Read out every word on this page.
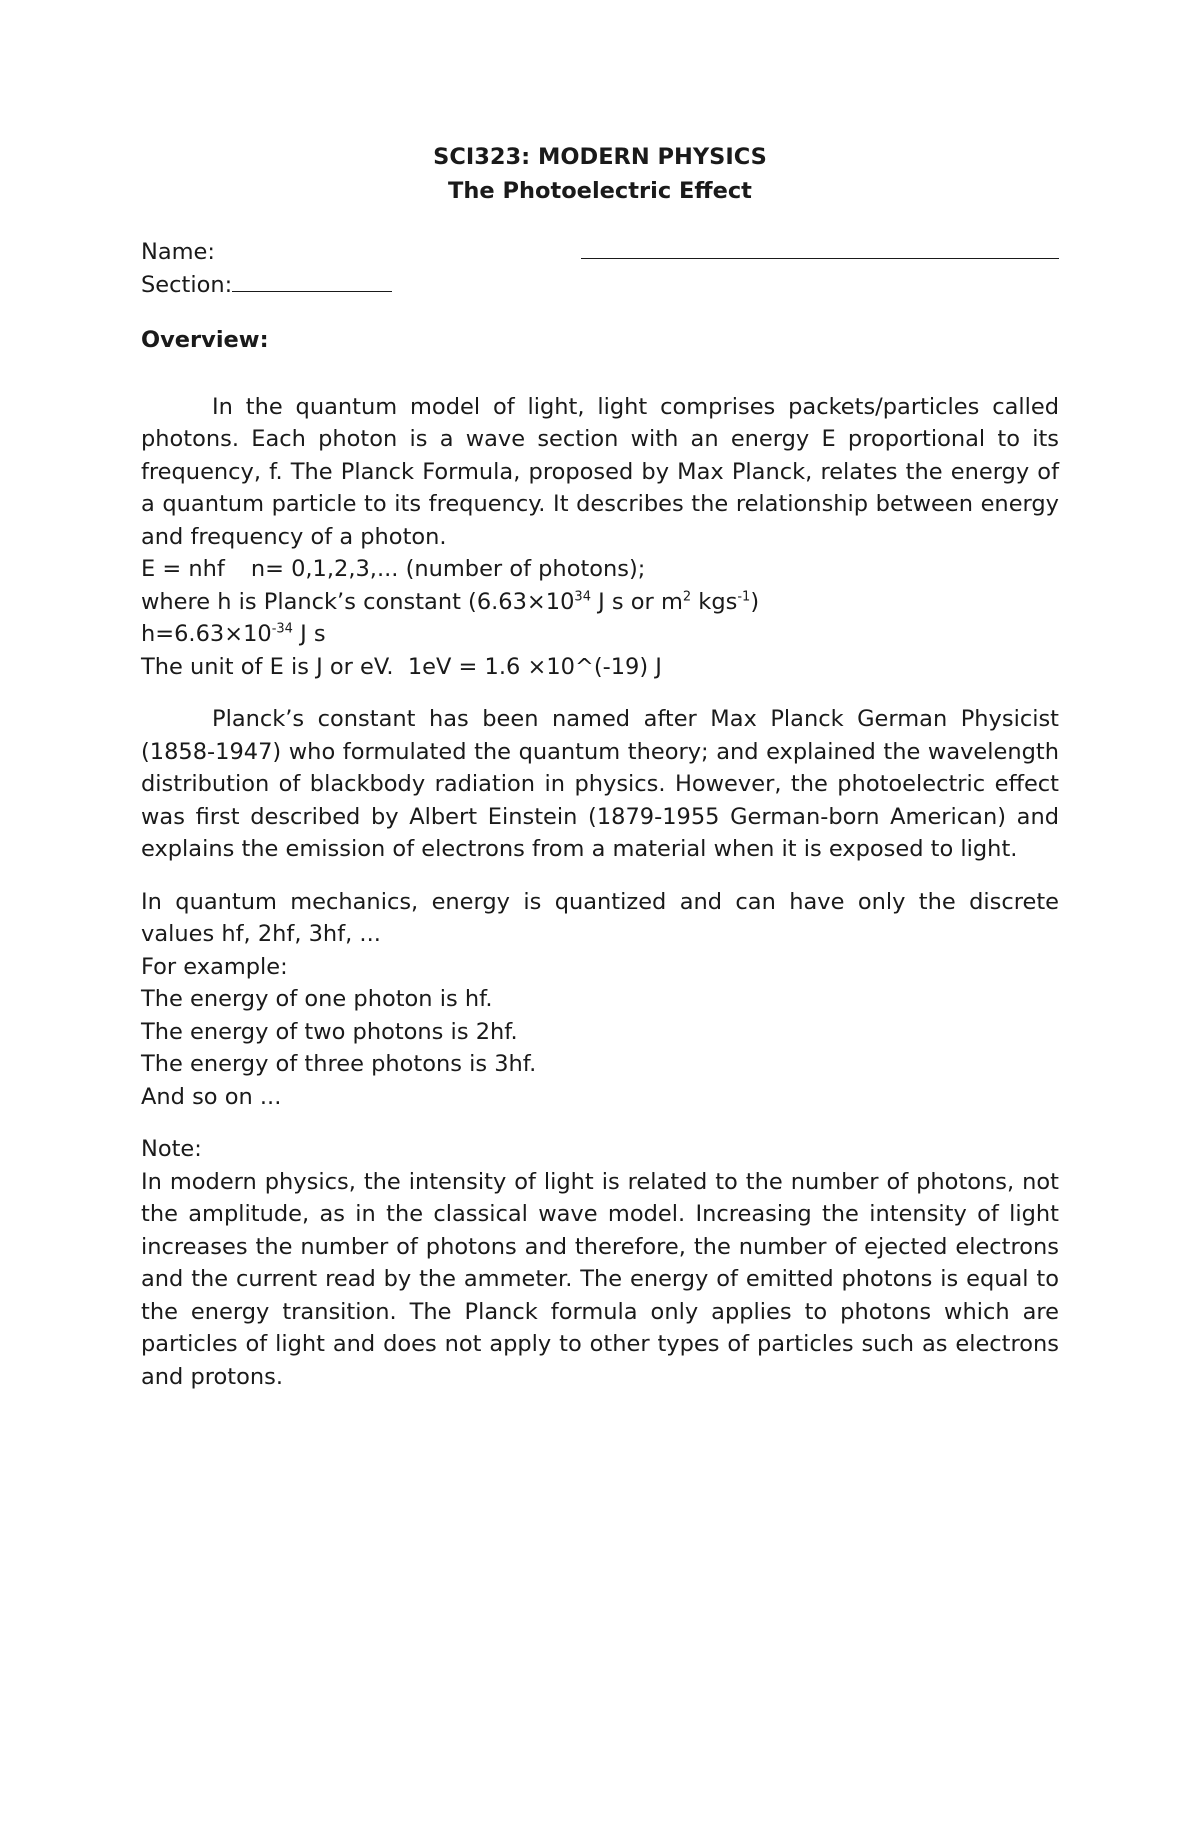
SCI323: MODERN PHYSICS
The Photoelectric Effect
Name:
Section:
Overview:
In the quantum model of light, light comprises packets/particles called photons. Each photon is a wave section with an energy E proportional to its frequency, f. The Planck Formula, proposed by Max Planck, relates the energy of a quantum particle to its frequency. It describes the relationship between energy and frequency of a photon.
E = nhf n= 0,1,2,3,... (number of photons);
where h is Planck’s constant ($6.63\times 10^{34}$ J s or $m^2$ kgs$^{-1}$)
$h=6.63\times 10^{-34}$ J s
The unit of E is J or eV. 1eV = 1.6 ×10^(-19) J
Planck’s constant has been named after Max Planck German Physicist (1858-1947) who formulated the quantum theory; and explained the wavelength distribution of blackbody radiation in physics. However, the photoelectric effect was first described by Albert Einstein (1879-1955 German-born American) and explains the emission of electrons from a material when it is exposed to light.
In quantum mechanics, energy is quantized and can have only the discrete values hf, 2hf, 3hf, ...
For example:
The energy of one photon is hf.
The energy of two photons is 2hf.
The energy of three photons is 3hf.
And so on ...
Note:
In modern physics, the intensity of light is related to the number of photons, not the amplitude, as in the classical wave model. Increasing the intensity of light increases the number of photons and therefore, the number of ejected electrons and the current read by the ammeter. The energy of emitted photons is equal to the energy transition. The Planck formula only applies to photons which are particles of light and does not apply to other types of particles such as electrons and protons.
